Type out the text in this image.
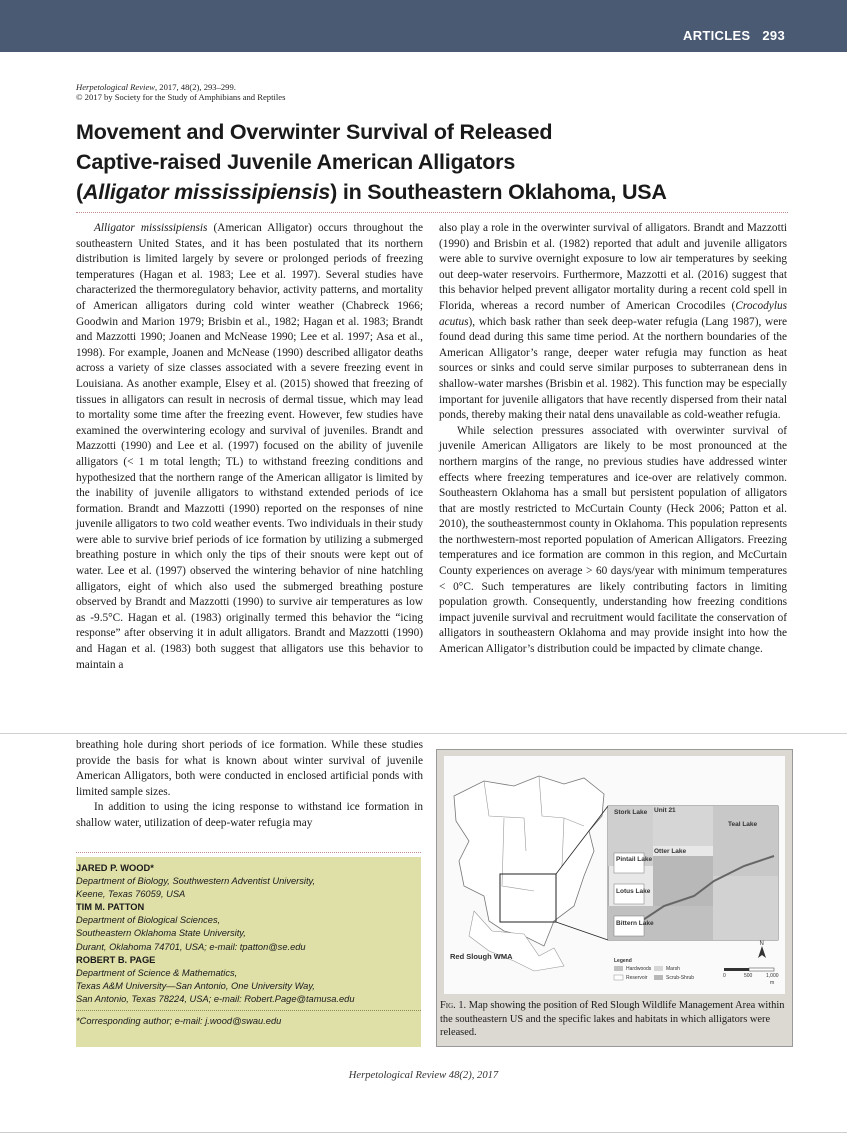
ARTICLES 293
Herpetological Review, 2017, 48(2), 293–299.
© 2017 by Society for the Study of Amphibians and Reptiles
Movement and Overwinter Survival of Released
Captive-raised Juvenile American Alligators
(Alligator mississipiensis) in Southeastern Oklahoma, USA

Alligator mississipiensis (American Alligator) occurs throughout the southeastern United States, and it has been postulated that its northern distribution is limited largely by severe or prolonged periods of freezing temperatures (Hagan et al. 1983; Lee et al. 1997). Several studies have characterized the thermoregulatory behavior, activity patterns, and mortality of American alligators during cold winter weather (Chabreck 1966; Goodwin and Marion 1979; Brisbin et al., 1982; Hagan et al. 1983; Brandt and Mazzotti 1990; Joanen and McNease 1990; Lee et al. 1997; Asa et al., 1998). For example, Joanen and McNease (1990) described alligator deaths across a variety of size classes associated with a severe freezing event in Louisiana. As another example, Elsey et al. (2015) showed that freezing of tissues in alligators can result in necrosis of dermal tissue, which may lead to mortality some time after the freezing event. However, few studies have examined the overwintering ecology and survival of juveniles. Brandt and Mazzotti (1990) and Lee et al. (1997) focused on the ability of juvenile alligators (< 1 m total length; TL) to withstand freezing conditions and hypothesized that the northern range of the American alligator is limited by the inability of juvenile alligators to withstand extended periods of ice formation. Brandt and Mazzotti (1990) reported on the responses of nine juvenile alligators to two cold weather events. Two individuals in their study were able to survive brief periods of ice formation by utilizing a submerged breathing posture in which only the tips of their snouts were kept out of water. Lee et al. (1997) observed the wintering behavior of nine hatchling alligators, eight of which also used the submerged breathing posture observed by Brandt and Mazzotti (1990) to survive air temperatures as low as -9.5°C. Hagan et al. (1983) originally termed this behavior the “icing response” after observing it in adult alligators. Brandt and Mazzotti (1990) and Hagan et al. (1983) both suggest that alligators use this behavior to maintain a

breathing hole during short periods of ice formation. While these studies provide the basis for what is known about winter survival of juvenile American Alligators, both were conducted in enclosed artificial ponds with limited sample sizes.

In addition to using the icing response to withstand ice formation in shallow water, utilization of deep-water refugia may

also play a role in the overwinter survival of alligators. Brandt and Mazzotti (1990) and Brisbin et al. (1982) reported that adult and juvenile alligators were able to survive overnight exposure to low air temperatures by seeking out deep-water reservoirs. Furthermore, Mazzotti et al. (2016) suggest that this behavior helped prevent alligator mortality during a recent cold spell in Florida, whereas a record number of American Crocodiles (Crocodylus acutus), which bask rather than seek deep-water refugia (Lang 1987), were found dead during this same time period. At the northern boundaries of the American Alligator’s range, deeper water refugia may function as heat sources or sinks and could serve similar purposes to subterranean dens in shallow-water marshes (Brisbin et al. 1982). This function may be especially important for juvenile alligators that have recently dispersed from their natal ponds, thereby making their natal dens unavailable as cold-weather refugia.

While selection pressures associated with overwinter survival of juvenile American Alligators are likely to be most pronounced at the northern margins of the range, no previous studies have addressed winter effects where freezing temperatures and ice-over are relatively common. Southeastern Oklahoma has a small but persistent population of alligators that are mostly restricted to McCurtain County (Heck 2006; Patton et al. 2010), the southeasternmost county in Oklahoma. This population represents the northwestern-most reported population of American Alligators. Freezing temperatures and ice formation are common in this region, and McCurtain County experiences on average > 60 days/year with minimum temperatures < 0°C. Such temperatures are likely contributing factors in limiting population growth. Consequently, understanding how freezing conditions impact juvenile survival and recruitment would facilitate the conservation of alligators in southeastern Oklahoma and may provide insight into how the American Alligator’s distribution could be impacted by climate change.

JARED P. WOOD*
Department of Biology, Southwestern Adventist University,
Keene, Texas 76059, USA
TIM M. PATTON
Department of Biological Sciences,
Southeastern Oklahoma State University,
Durant, Oklahoma 74701, USA; e-mail: tpatton@se.edu
ROBERT B. PAGE
Department of Science & Mathematics,
Texas A&M University—San Antonio, One University Way,
San Antonio, Texas 78224, USA; e-mail: Robert.Page@tamusa.edu
*Corresponding author; e-mail: j.wood@swau.edu
Stork Lake Unit 21
Teal Lake
Otter Lake
Pintail Lake
Lotus Lake
Bittern Lake
Red Slough WMA	Legend
Hardwoods	Marsh
Reservoir	Scrub-Shrub
N
0	500	1,000
m
Fig. 1. Map showing the position of Red Slough Wildlife Management Area within the southeastern US and the specific lakes and habitats in which alligators were released.
Herpetological Review 48(2), 2017
